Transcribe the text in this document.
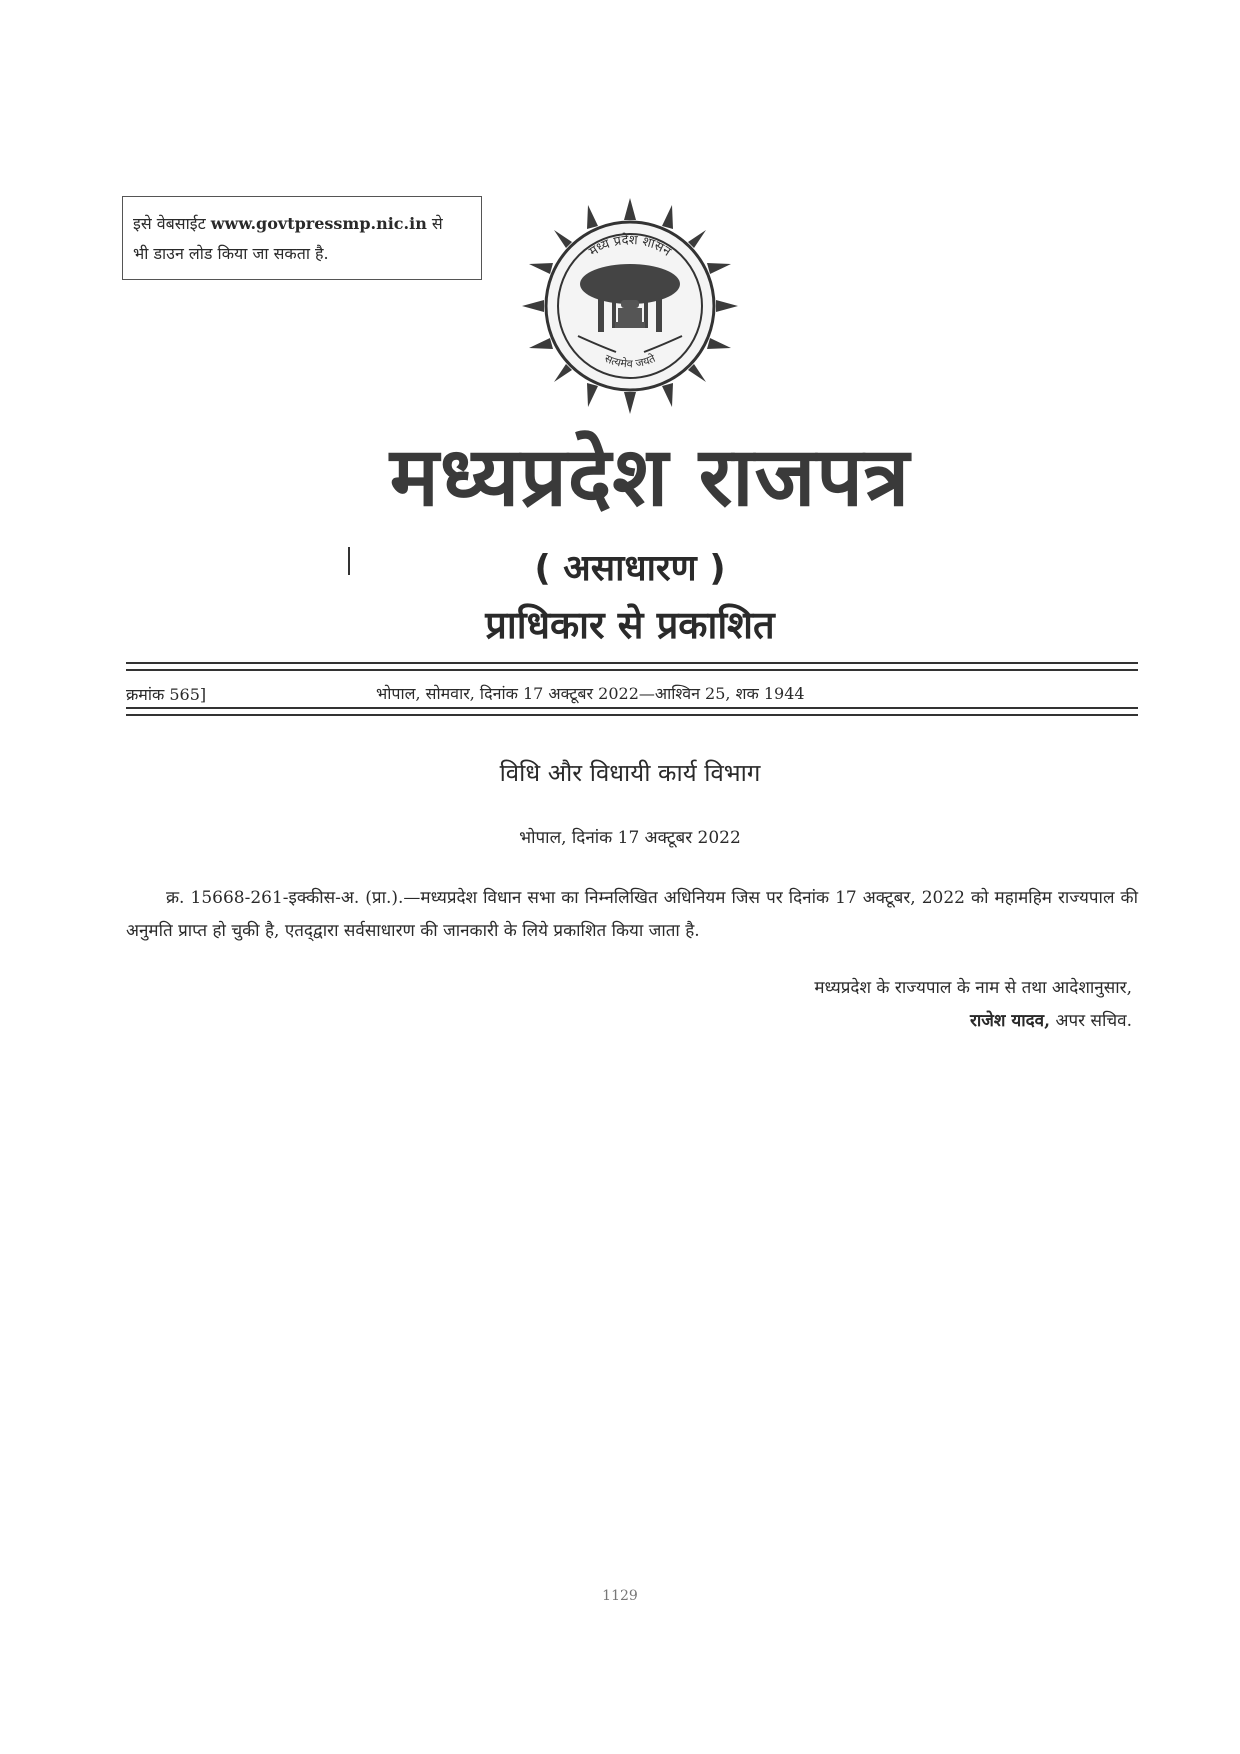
इसे वेबसाईट www.govtpressmp.nic.in से
भी डाउन लोड किया जा सकता है.	मध्य प्रदेश शासन
सत्यमेव जयते
मध्यप्रदेश राजपत्र
( असाधारण )
प्राधिकार से प्रकाशित
क्रमांक 565]	भोपाल, सोमवार, दिनांक 17 अक्टूबर 2022—आश्विन 25, शक 1944
विधि और विधायी कार्य विभाग
भोपाल, दिनांक 17 अक्टूबर 2022
क्र. 15668-261-इक्कीस-अ. (प्रा.).—मध्यप्रदेश विधान सभा का निम्नलिखित अधिनियम जिस पर दिनांक 17 अक्टूबर, 2022 को महामहिम राज्यपाल की अनुमति प्राप्त हो चुकी है, एतद्‌द्वारा सर्वसाधारण की जानकारी के लिये प्रकाशित किया जाता है.
मध्यप्रदेश के राज्यपाल के नाम से तथा आदेशानुसार,
राजेश यादव, अपर सचिव.
1129
